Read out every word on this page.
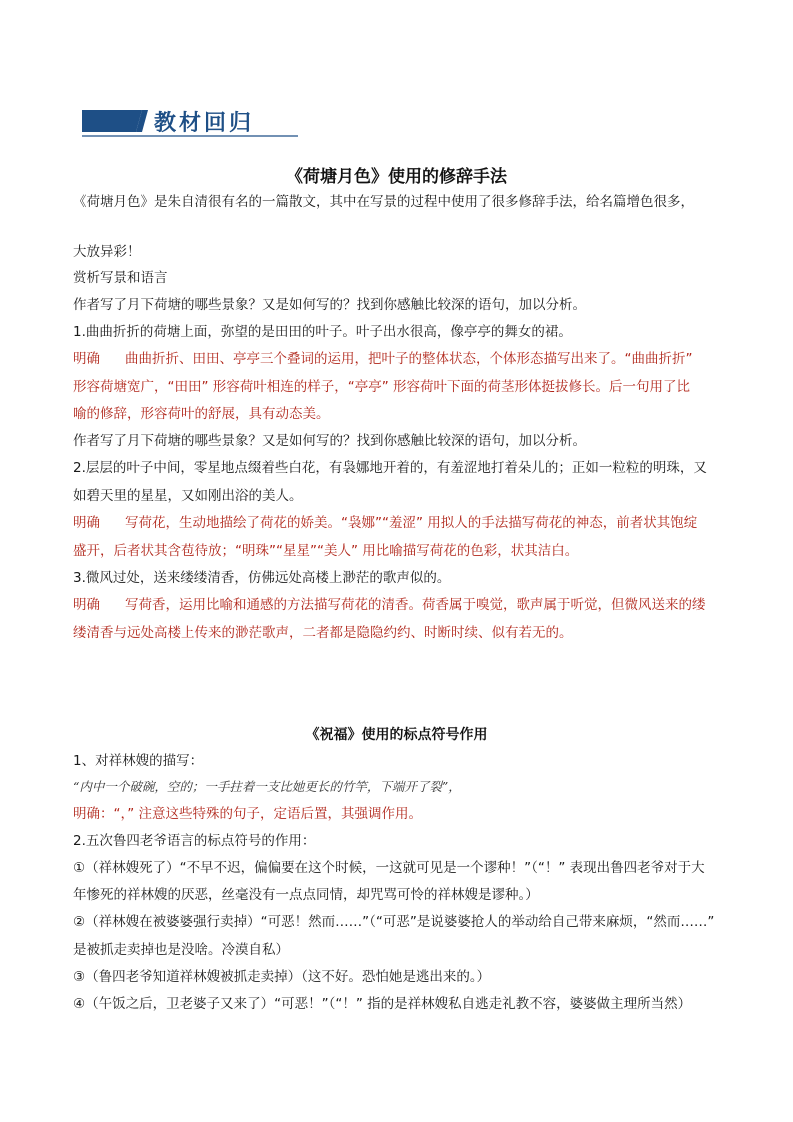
教材回归
《荷塘月色》使用的修辞手法
《荷塘月色》是朱自清很有名的一篇散文，其中在写景的过程中使用了很多修辞手法，给名篇增色很多，
大放异彩！
赏析写景和语言
作者写了月下荷塘的哪些景象？又是如何写的？找到你感触比较深的语句，加以分析。
1.曲曲折折的荷塘上面，弥望的是田田的叶子。叶子出水很高，像亭亭的舞女的裙。
明确 曲曲折折、田田、亭亭三个叠词的运用，把叶子的整体状态，个体形态描写出来了。“曲曲折折”
形容荷塘宽广，“田田” 形容荷叶相连的样子，“亭亭” 形容荷叶下面的荷茎形体挺拔修长。后一句用了比
喻的修辞，形容荷叶的舒展，具有动态美。
作者写了月下荷塘的哪些景象？又是如何写的？找到你感触比较深的语句，加以分析。
2.层层的叶子中间，零星地点缀着些白花，有袅娜地开着的，有羞涩地打着朵儿的；正如一粒粒的明珠，又
如碧天里的星星，又如刚出浴的美人。
明确 写荷花，生动地描绘了荷花的娇美。“袅娜”“羞涩” 用拟人的手法描写荷花的神态，前者状其饱绽
盛开，后者状其含苞待放；“明珠”“星星”“美人” 用比喻描写荷花的色彩，状其洁白。
3.微风过处，送来缕缕清香，仿佛远处高楼上渺茫的歌声似的。
明确 写荷香，运用比喻和通感的方法描写荷花的清香。荷香属于嗅觉，歌声属于听觉，但微风送来的缕
缕清香与远处高楼上传来的渺茫歌声，二者都是隐隐约约、时断时续、似有若无的。
《祝福》使用的标点符号作用
1、对祥林嫂的描写：
“内中一个破碗，空的；一手拄着一支比她更长的竹竿，下端开了裂”，
明确：“，” 注意这些特殊的句子，定语后置，其强调作用。
2.五次鲁四老爷语言的标点符号的作用：
①（祥林嫂死了）“不早不迟，偏偏要在这个时候，一这就可见是一个谬种！”（“！” 表现出鲁四老爷对于大
年惨死的祥林嫂的厌恶，丝毫没有一点点同情，却咒骂可怜的祥林嫂是谬种。）
②（祥林嫂在被婆婆强行卖掉）“可恶！然而……”（“可恶”是说婆婆抢人的举动给自己带来麻烦，“然而……”
是被抓走卖掉也是没啥。冷漠自私）
③（鲁四老爷知道祥林嫂被抓走卖掉）（这不好。恐怕她是逃出来的。）
④（午饭之后，卫老婆子又来了）“可恶！”（“！” 指的是祥林嫂私自逃走礼教不容，婆婆做主理所当然）
